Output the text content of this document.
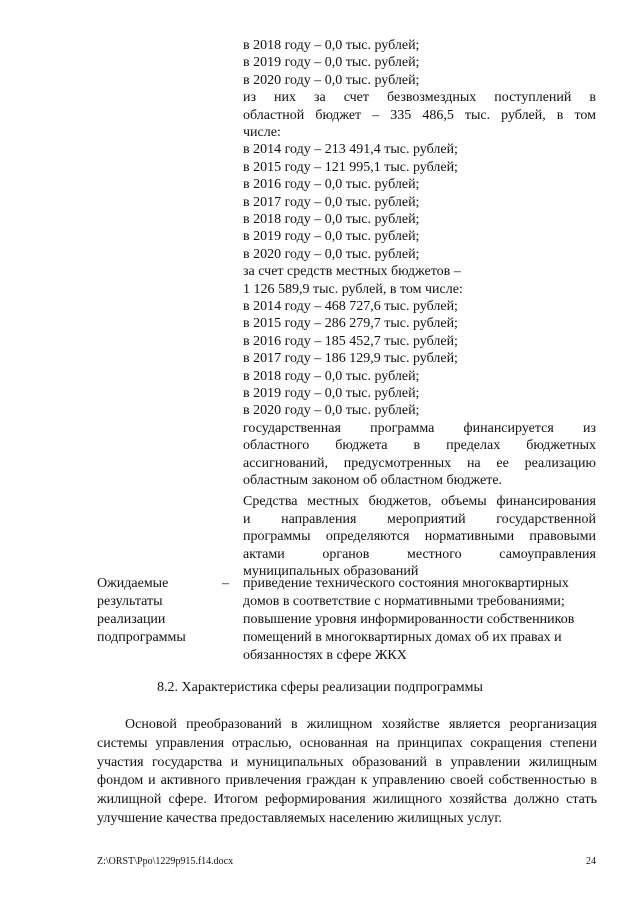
в 2018 году – 0,0 тыс. рублей;
в 2019 году – 0,0 тыс. рублей;
в 2020 году – 0,0 тыс. рублей;
из них за счет безвозмездных поступлений в
областной бюджет – 335 486,5 тыс. рублей, в том
числе:
в 2014 году – 213 491,4 тыс. рублей;
в 2015 году – 121 995,1 тыс. рублей;
в 2016 году – 0,0 тыс. рублей;
в 2017 году – 0,0 тыс. рублей;
в 2018 году – 0,0 тыс. рублей;
в 2019 году – 0,0 тыс. рублей;
в 2020 году – 0,0 тыс. рублей;
за счет средств местных бюджетов –
1 126 589,9 тыс. рублей, в том числе:
в 2014 году – 468 727,6 тыс. рублей;
в 2015 году – 286 279,7 тыс. рублей;
в 2016 году – 185 452,7 тыс. рублей;
в 2017 году – 186 129,9 тыс. рублей;
в 2018 году – 0,0 тыс. рублей;
в 2019 году – 0,0 тыс. рублей;
в 2020 году – 0,0 тыс. рублей;
государственная программа финансируется из
областного бюджета в пределах бюджетных
ассигнований, предусмотренных на ее реализацию
областным законом об областном бюджете.
Средства местных бюджетов, объемы финансирования
и направления мероприятий государственной
программы определяются нормативными правовыми
актами органов местного самоуправления
муниципальных образований
Ожидаемые
результаты
реализации
подпрограммы
– приведение технического состояния многоквартирных
домов в соответствие с нормативными требованиями;
повышение уровня информированности собственников
помещений в многоквартирных домах об их правах и
обязанностях в сфере ЖКХ
8.2. Характеристика сферы реализации подпрограммы
Основой преобразований в жилищном хозяйстве является реорганизация
системы управления отраслью, основанная на принципах сокращения степени
участия государства и муниципальных образований в управлении жилищным
фондом и активного привлечения граждан к управлению своей собственностью в
жилищной сфере. Итогом реформирования жилищного хозяйства должно стать
улучшение качества предоставляемых населению жилищных услуг.
Z:\ORST\Ppo\1229p915.f14.docx	24
